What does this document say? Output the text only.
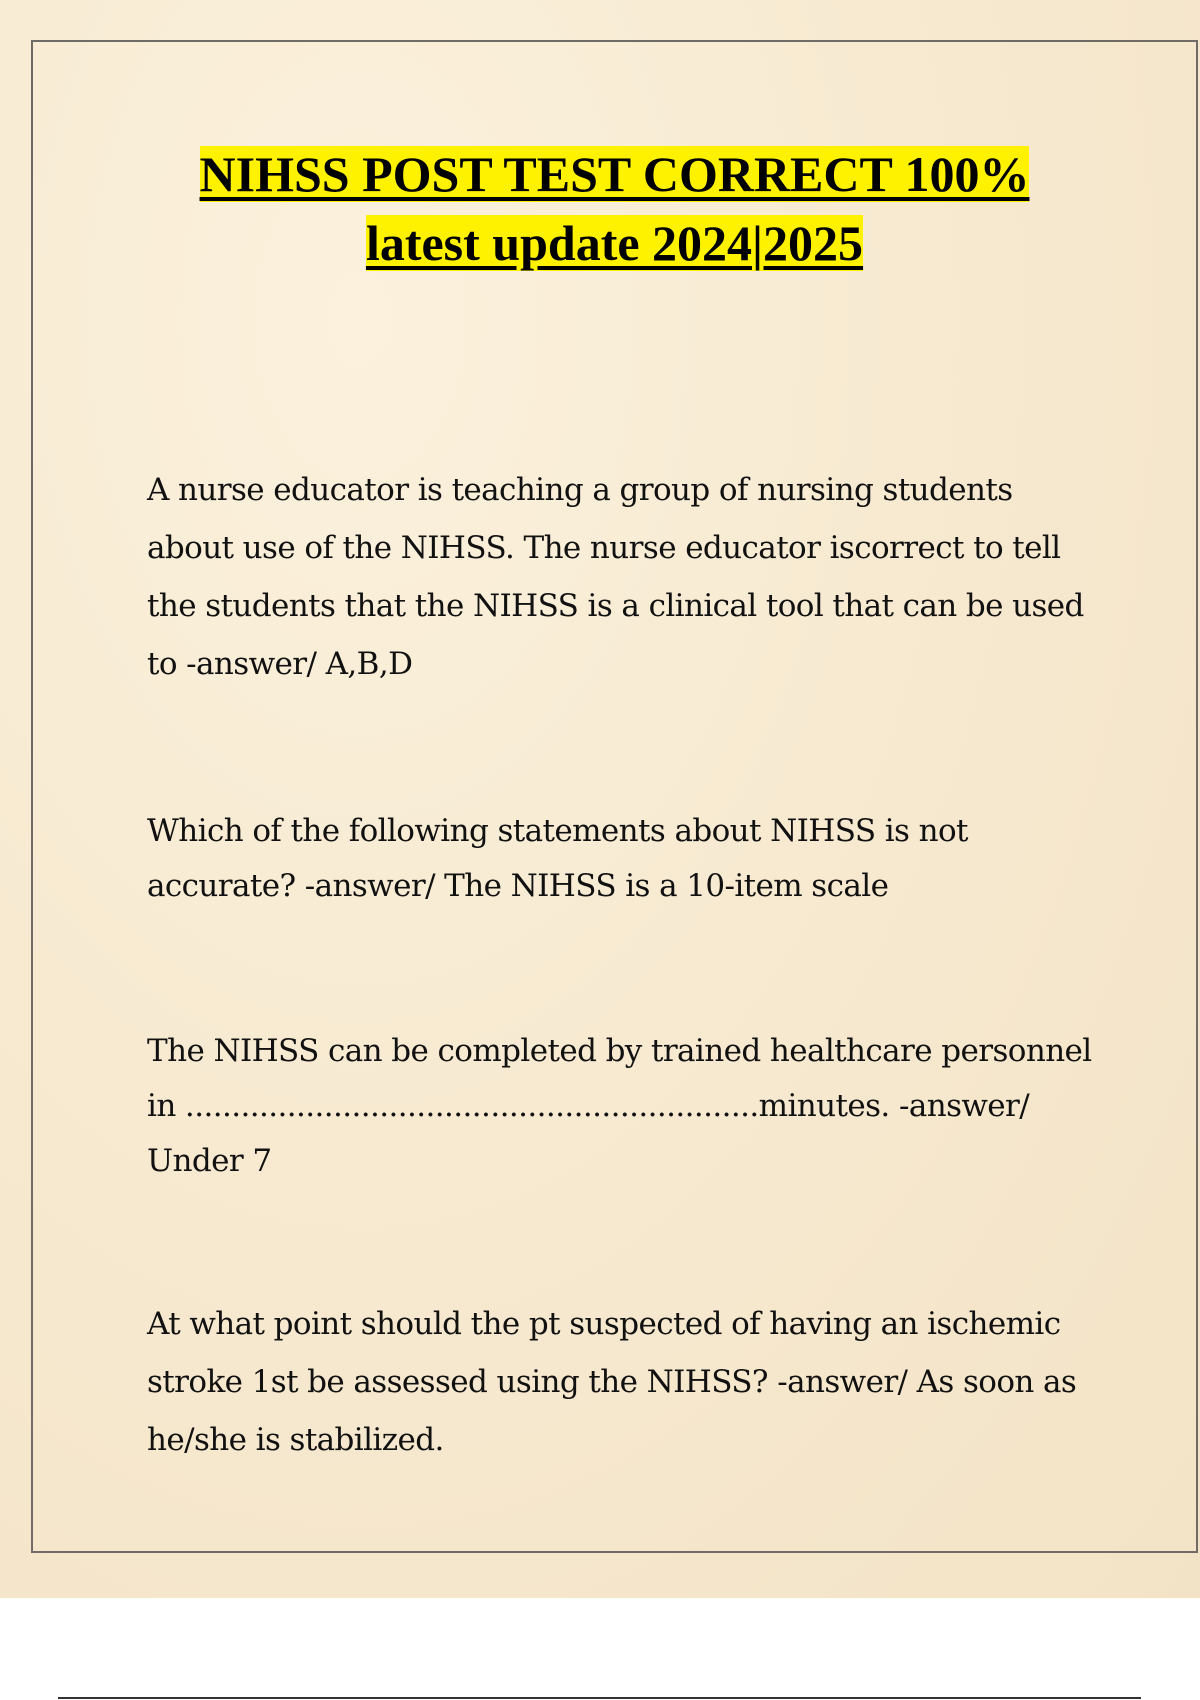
NIHSS POST TEST CORRECT 100%
latest update 2024|2025
A nurse educator is teaching a group of nursing students about use of the NIHSS. The nurse educator iscorrect to tell the students that the NIHSS is a clinical tool that can be used to -answer/ A,B,D
Which of the following statements about NIHSS is not accurate? -answer/ The NIHSS is a 10-item scale
The NIHSS can be completed by trained healthcare personnel in ..............................................................minutes. -answer/ Under 7
At what point should the pt suspected of having an ischemic stroke 1st be assessed using the NIHSS? -answer/ As soon as he/she is stabilized.
